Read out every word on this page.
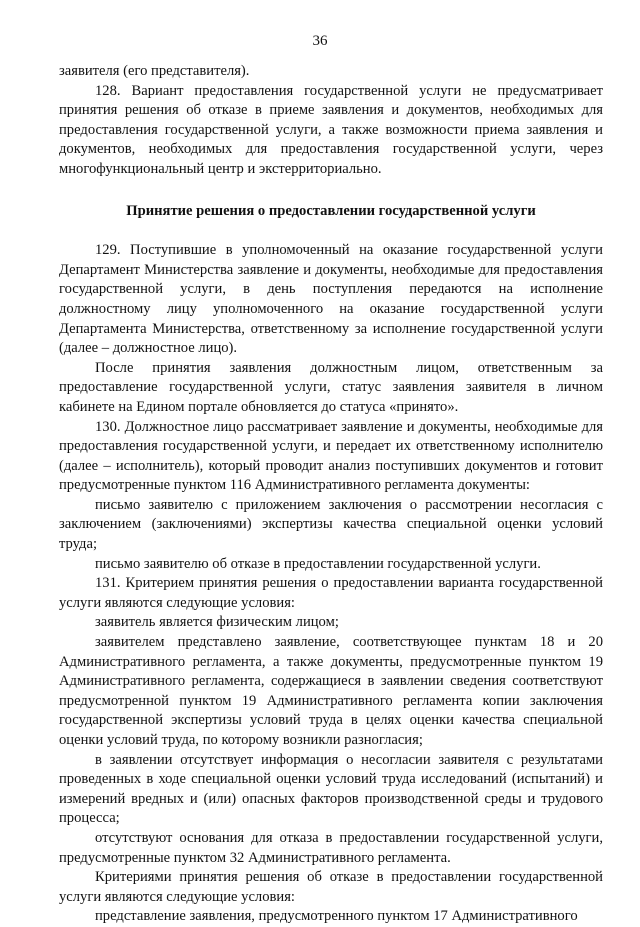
36

заявителя (его представителя).

128. Вариант предоставления государственной услуги не предусматривает принятия решения об отказе в приеме заявления и документов, необходимых для предоставления государственной услуги, а также возможности приема заявления и документов, необходимых для предоставления государственной услуги, через многофункциональный центр и экстерриториально.

Принятие решения о предоставлении государственной услуги

129. Поступившие в уполномоченный на оказание государственной услуги Департамент Министерства заявление и документы, необходимые для предоставления государственной услуги, в день поступления передаются на исполнение должностному лицу уполномоченного на оказание государственной услуги Департамента Министерства, ответственному за исполнение государственной услуги (далее – должностное лицо).

После принятия заявления должностным лицом, ответственным за предоставление государственной услуги, статус заявления заявителя в личном кабинете на Едином портале обновляется до статуса «принято».

130. Должностное лицо рассматривает заявление и документы, необходимые для предоставления государственной услуги, и передает их ответственному исполнителю (далее – исполнитель), который проводит анализ поступивших документов и готовит предусмотренные пунктом 116 Административного регламента документы:

письмо заявителю с приложением заключения о рассмотрении несогласия с заключением (заключениями) экспертизы качества специальной оценки условий труда;

письмо заявителю об отказе в предоставлении государственной услуги.

131. Критерием принятия решения о предоставлении варианта государственной услуги являются следующие условия:

заявитель является физическим лицом;

заявителем представлено заявление, соответствующее пунктам 18 и 20 Административного регламента, а также документы, предусмотренные пунктом 19 Административного регламента, содержащиеся в заявлении сведения соответствуют предусмотренной пунктом 19 Административного регламента копии заключения государственной экспертизы условий труда в целях оценки качества специальной оценки условий труда, по которому возникли разногласия;

в заявлении отсутствует информация о несогласии заявителя с результатами проведенных в ходе специальной оценки условий труда исследований (испытаний) и измерений вредных и (или) опасных факторов производственной среды и трудового процесса;

отсутствуют основания для отказа в предоставлении государственной услуги, предусмотренные пунктом 32 Административного регламента.

Критериями принятия решения об отказе в предоставлении государственной услуги являются следующие условия:

представление заявления, предусмотренного пунктом 17 Административного
